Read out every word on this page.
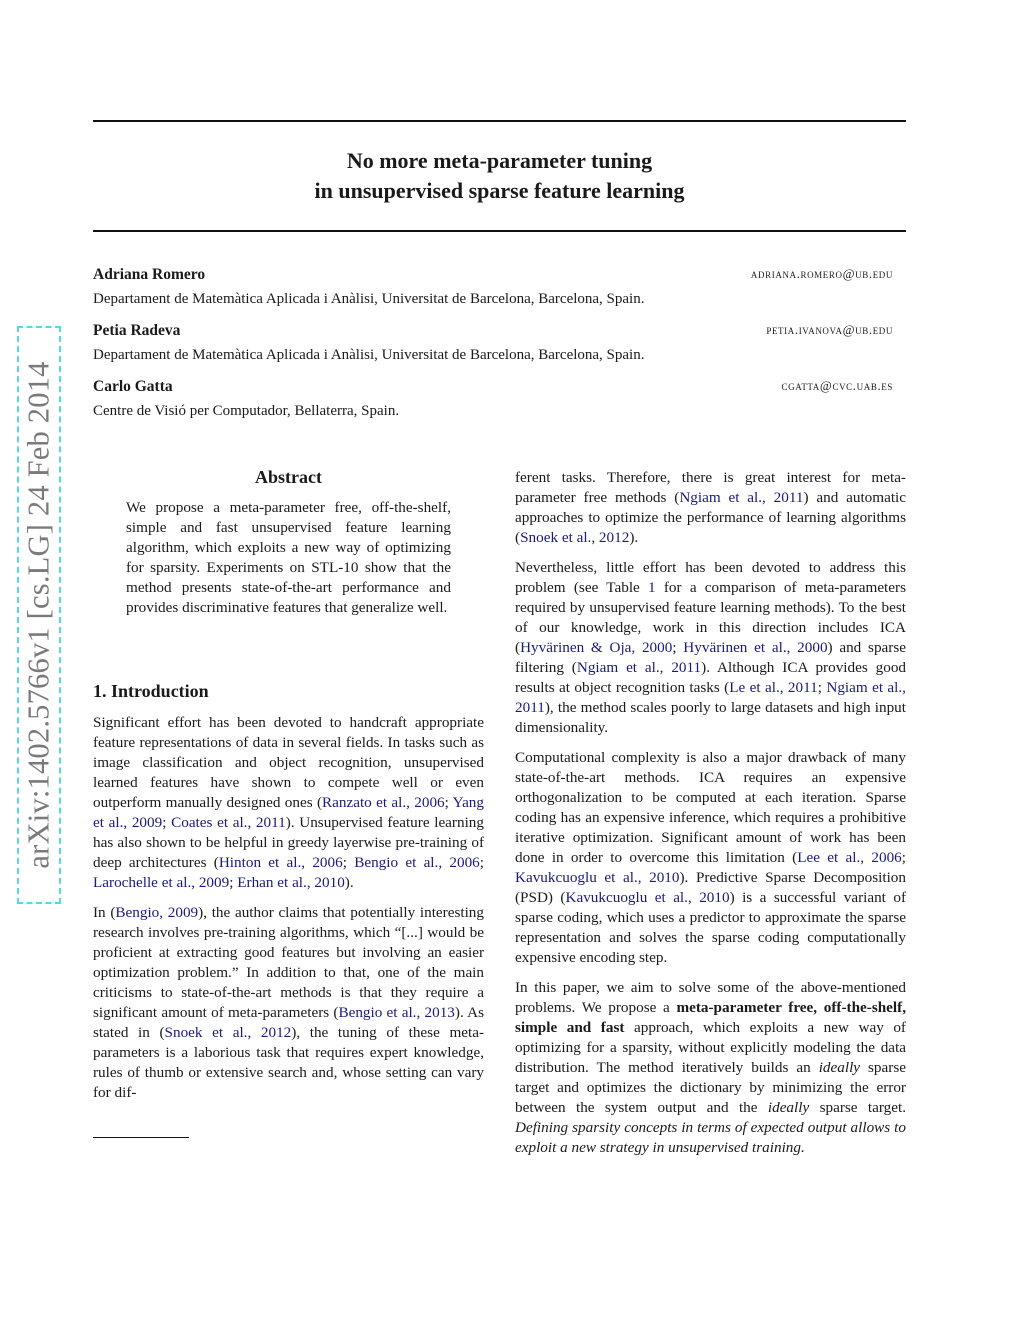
No more meta-parameter tuning
in unsupervised sparse feature learning
Adriana Romero	adriana.romero@ub.edu
Departament de Matemàtica Aplicada i Anàlisi, Universitat de Barcelona, Barcelona, Spain.
Petia Radeva	petia.ivanova@ub.edu
Departament de Matemàtica Aplicada i Anàlisi, Universitat de Barcelona, Barcelona, Spain.
Carlo Gatta	cgatta@cvc.uab.es
Centre de Visió per Computador, Bellaterra, Spain.
arXiv:1402.5766v1 [cs.LG] 24 Feb 2014	Abstract
We propose a meta-parameter free, off-the-shelf, simple and fast unsupervised feature learning algorithm, which exploits a new way of optimizing for sparsity. Experiments on STL-10 show that the method presents state-of-the-art performance and provides discriminative features that generalize well.
1. Introduction

Significant effort has been devoted to handcraft appropriate feature representations of data in several fields. In tasks such as image classification and object recognition, unsupervised learned features have shown to compete well or even outperform manually designed ones (Ranzato et al., 2006; Yang et al., 2009; Coates et al., 2011). Unsupervised feature learning has also shown to be helpful in greedy layerwise pre-training of deep architectures (Hinton et al., 2006; Bengio et al., 2006; Larochelle et al., 2009; Erhan et al., 2010).

In (Bengio, 2009), the author claims that potentially interesting research involves pre-training algorithms, which “[...] would be proficient at extracting good features but involving an easier optimization problem.” In addition to that, one of the main criticisms to state-of-the-art methods is that they require a significant amount of meta-parameters (Bengio et al., 2013). As stated in (Snoek et al., 2012), the tuning of these meta-parameters is a laborious task that requires expert knowledge, rules of thumb or extensive search and, whose setting can vary for dif-

ferent tasks. Therefore, there is great interest for meta-parameter free methods (Ngiam et al., 2011) and automatic approaches to optimize the performance of learning algorithms (Snoek et al., 2012).

Nevertheless, little effort has been devoted to address this problem (see Table 1 for a comparison of meta-parameters required by unsupervised feature learning methods). To the best of our knowledge, work in this direction includes ICA (Hyvärinen & Oja, 2000; Hyvärinen et al., 2000) and sparse filtering (Ngiam et al., 2011). Although ICA provides good results at object recognition tasks (Le et al., 2011; Ngiam et al., 2011), the method scales poorly to large datasets and high input dimensionality.

Computational complexity is also a major drawback of many state-of-the-art methods. ICA requires an expensive orthogonalization to be computed at each iteration. Sparse coding has an expensive inference, which requires a prohibitive iterative optimization. Significant amount of work has been done in order to overcome this limitation (Lee et al., 2006; Kavukcuoglu et al., 2010). Predictive Sparse Decomposition (PSD) (Kavukcuoglu et al., 2010) is a successful variant of sparse coding, which uses a predictor to approximate the sparse representation and solves the sparse coding computationally expensive encoding step.

In this paper, we aim to solve some of the above-mentioned problems. We propose a meta-parameter free, off-the-shelf, simple and fast approach, which exploits a new way of optimizing for a sparsity, without explicitly modeling the data distribution. The method iteratively builds an ideally sparse target and optimizes the dictionary by minimizing the error between the system output and the ideally sparse target. Defining sparsity concepts in terms of expected output allows to exploit a new strategy in unsupervised training.
